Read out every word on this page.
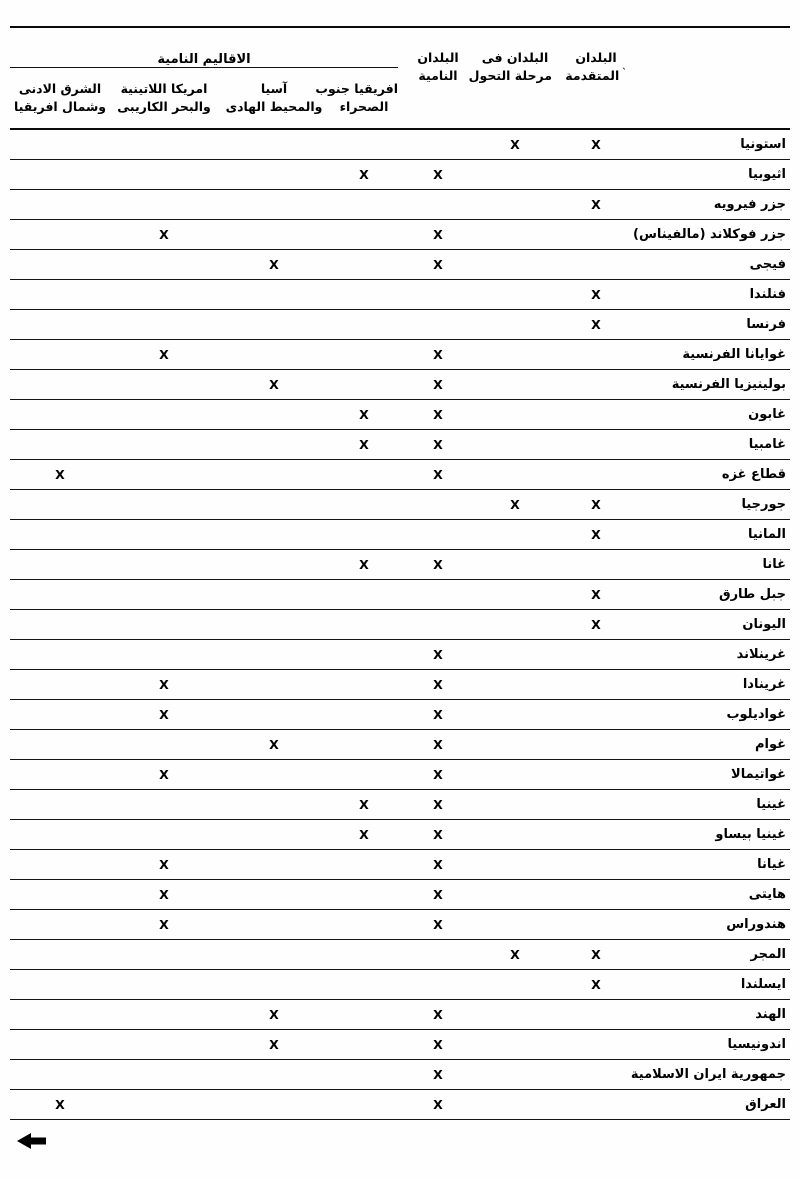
البلدان
`المتقدمة

البلدان فى
مرحلة التحول

البلدان
النامية
	الاقاليم النامية

افريقيا جنوب
الصحراء

آسيا
والمحيط الهادى

امريكا اللاتينية
والبحر الكاريبى

الشرق الادنى
وشمال افريقيا

استونيا	X	X					
اثيوبيا			X	X			
جزر فيرويه	X						
جزر فوكلاند (مالفيناس)			X			X	
فيجى			X		X		
فنلندا	X						
فرنسا	X						
غوايانا الفرنسية			X			X	
بولينيزيا الفرنسية			X		X		
غابون			X	X			
غامبيا			X	X			
قطاع غزه			X				X
جورجيا	X	X					
المانيا	X						
غانا			X	X			
جبل طارق	X						
اليونان	X						
غرينلاند			X				
غرينادا			X			X	
غواديلوب			X			X	
غوام			X		X		
غواتيمالا			X			X	
غينيا			X	X			
غينيا بيساو			X	X			
غيانا			X			X	
هايتى			X			X	
هندوراس			X			X	
المجر	X	X					
ايسلندا	X						
الهند			X		X		
اندونيسيا			X		X		
جمهورية ايران الاسلامية			X				
العراق			X				X
